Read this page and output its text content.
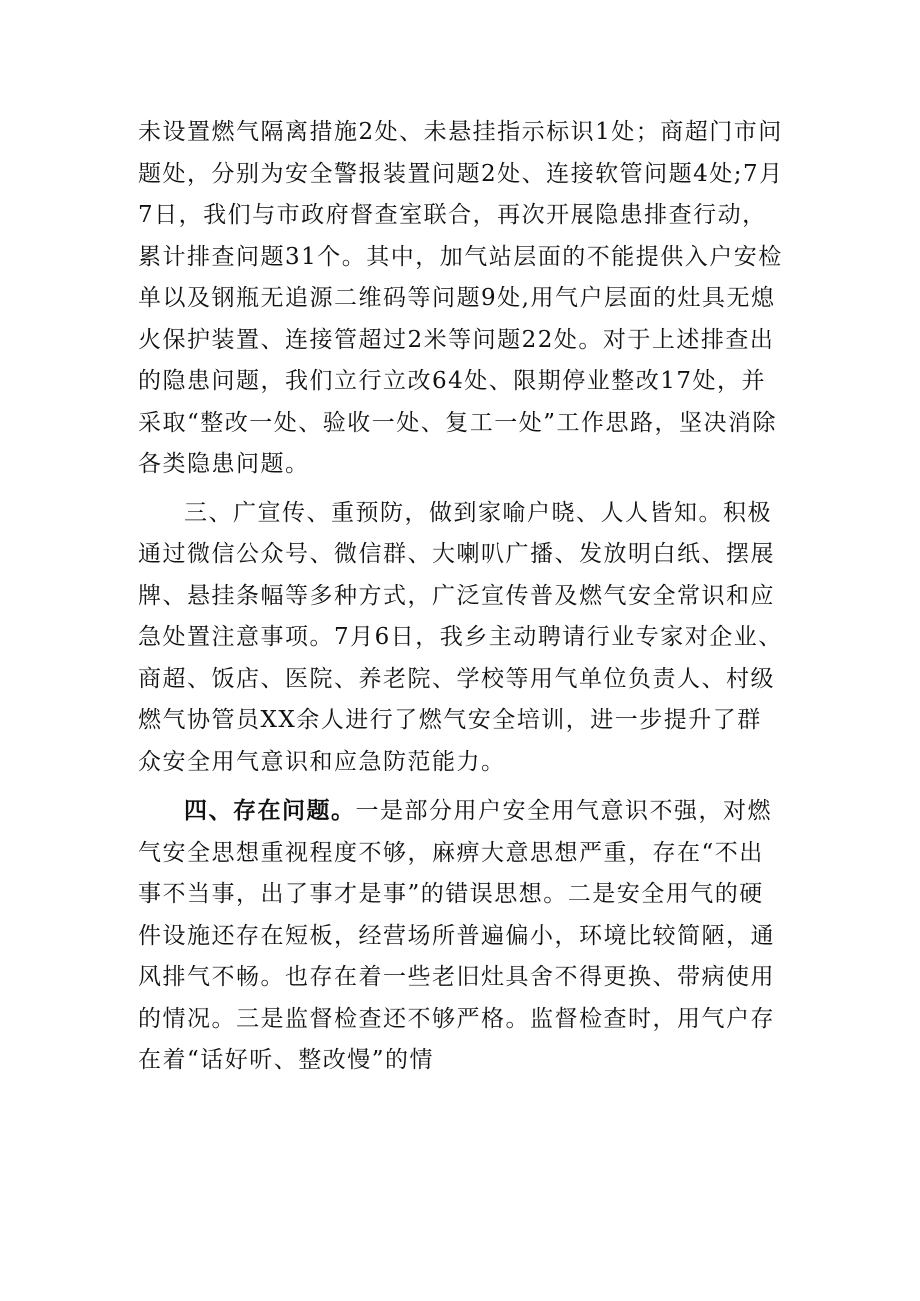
未设置燃气隔离措施2处、未悬挂指示标识1处；商超门市问题处，分别为安全警报装置问题2处、连接软管问题4处;7月7日，我们与市政府督查室联合，再次开展隐患排查行动，累计排查问题31个。其中，加气站层面的不能提供入户安检单以及钢瓶无追源二维码等问题9处,用气户层面的灶具无熄火保护装置、连接管超过2米等问题22处。对于上述排查出的隐患问题，我们立行立改64处、限期停业整改17处，并采取“整改一处、验收一处、复工一处”工作思路，坚决消除各类隐患问题。

三、广宣传、重预防，做到家喻户晓、人人皆知。积极通过微信公众号、微信群、大喇叭广播、发放明白纸、摆展牌、悬挂条幅等多种方式，广泛宣传普及燃气安全常识和应急处置注意事项。7月6日，我乡主动聘请行业专家对企业、商超、饭店、医院、养老院、学校等用气单位负责人、村级燃气协管员XX余人进行了燃气安全培训，进一步提升了群众安全用气意识和应急防范能力。

四、存在问题。一是部分用户安全用气意识不强，对燃气安全思想重视程度不够，麻痹大意思想严重，存在“不出事不当事，出了事才是事”的错误思想。二是安全用气的硬件设施还存在短板，经营场所普遍偏小，环境比较简陋，通风排气不畅。也存在着一些老旧灶具舍不得更换、带病使用的情况。三是监督检查还不够严格。监督检查时，用气户存在着“话好听、整改慢”的情
